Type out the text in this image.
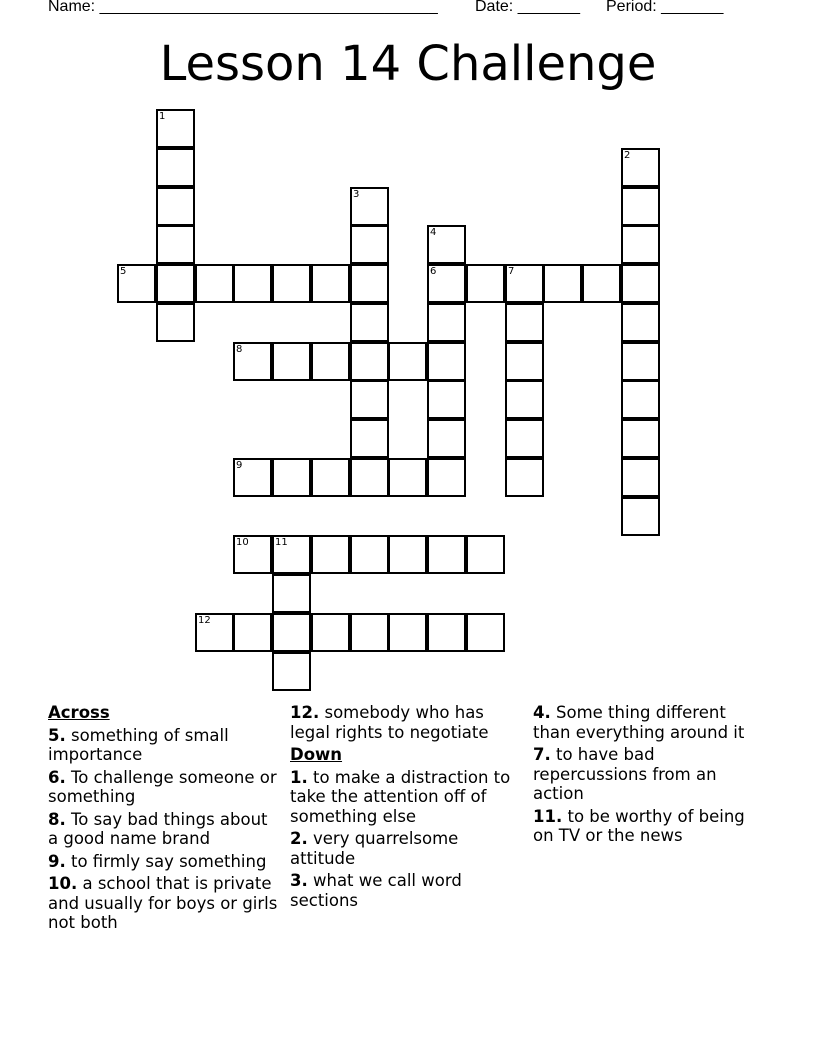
Name: ______________________________________ Date: _______ Period: _______
Lesson 14 Challenge
1
2
3
4
6
5	7
8
9
10	11
12
Across
5. something of small importance
6. To challenge someone or something
8. To say bad things about a good name brand
9. to firmly say something
10. a school that is private and usually for boys or girls not both
12. somebody who has legal rights to negotiate
Down
1. to make a distraction to take the attention off of something else
2. very quarrelsome attitude
3. what we call word sections
4. Some thing different than everything around it
7. to have bad repercussions from an action
11. to be worthy of being on TV or the news
